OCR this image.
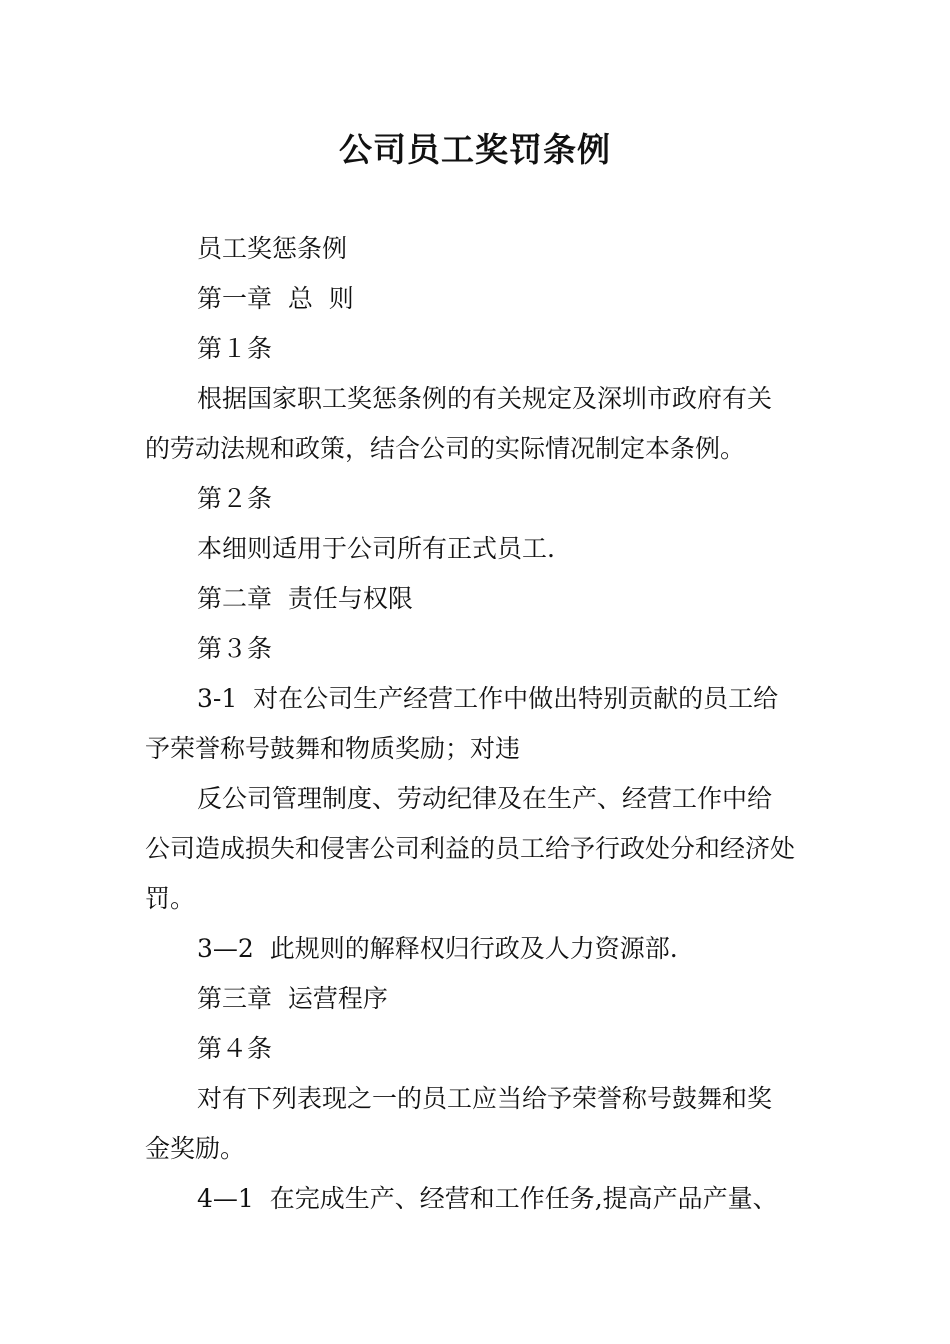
公司员工奖罚条例

员工奖惩条例

第一章  总  则

第１条

根据国家职工奖惩条例的有关规定及深圳市政府有关的劳动法规和政策，结合公司的实际情况制定本条例。

第２条

本细则适用于公司所有正式员工.

第二章  责任与权限

第３条

3-1  对在公司生产经营工作中做出特别贡献的员工给予荣誉称号鼓舞和物质奖励；对违

反公司管理制度、劳动纪律及在生产、经营工作中给公司造成损失和侵害公司利益的员工给予行政处分和经济处罚。

3—2  此规则的解释权归行政及人力资源部.

第三章  运营程序

第４条

对有下列表现之一的员工应当给予荣誉称号鼓舞和奖金奖励。

4—1  在完成生产、经营和工作任务,提高产品产量、
